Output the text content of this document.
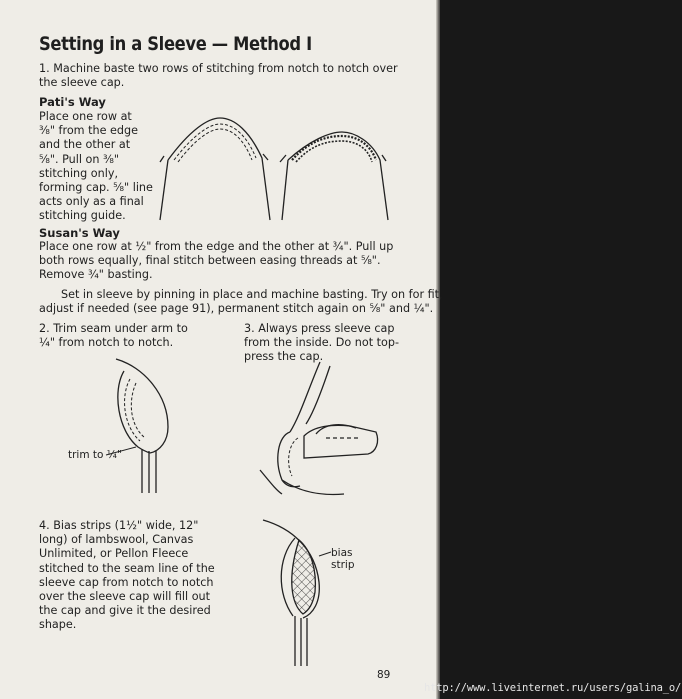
Setting in a Sleeve — Method I
1. Machine baste two rows of stitching from notch to notch over the sleeve cap.
Pati's Way
Place one row at
⅜" from the edge
and the other at
⅝". Pull on ⅜"
stitching only,
forming cap. ⅝" line
acts only as a final
stitching guide.
Susan's Way
Place one row at ½" from the edge and the other at ¾". Pull up
both rows equally, final stitch between easing threads at ⅝".
Remove ¾" basting.
Set in sleeve by pinning in place and machine basting. Try on for fit,
adjust if needed (see page 91), permanent stitch again on ⅝" and ¼".
2. Trim seam under arm to
¼" from notch to notch.
3. Always press sleeve cap
from the inside. Do not top-
press the cap.
4. Bias strips (1½" wide, 12"
long) of lambswool, Canvas
Unlimited, or Pellon Fleece
stitched to the seam line of the
sleeve cap from notch to notch
over the sleeve cap will fill out
the cap and give it the desired
shape.
trim to ¼"
bias
strip
89
http://www.liveinternet.ru/users/galina_o/
